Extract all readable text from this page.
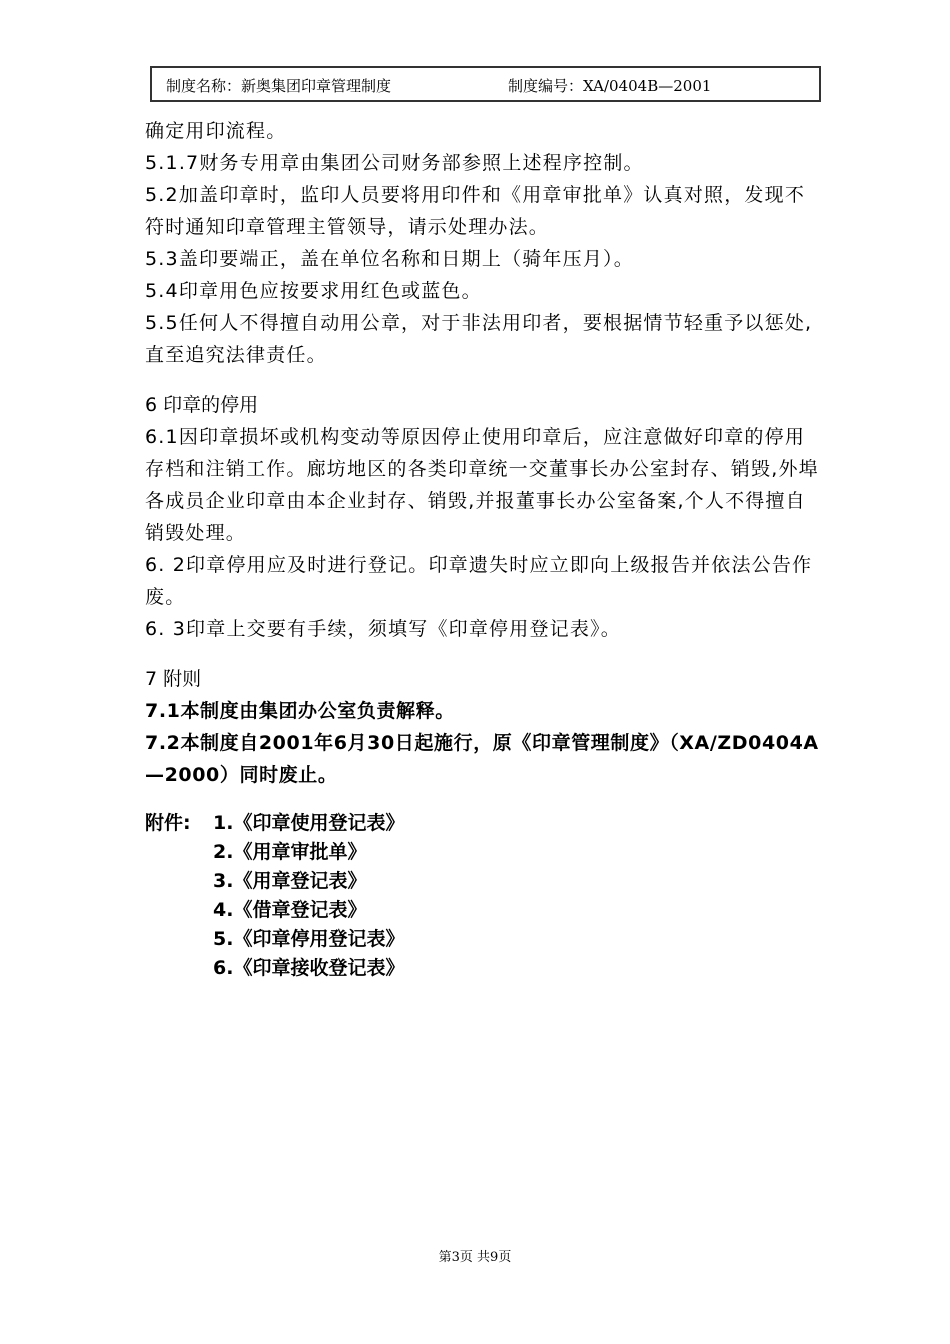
制度名称：新奥集团印章管理制度	制度编号：XA/0404B—2001

确定用印流程。

5.1.7财务专用章由集团公司财务部参照上述程序控制。

5.2加盖印章时，监印人员要将用印件和《用章审批单》认真对照，发现不符时通知印章管理主管领导，请示处理办法。

5.3盖印要端正，盖在单位名称和日期上（骑年压月）。

5.4印章用色应按要求用红色或蓝色。

5.5任何人不得擅自动用公章，对于非法用印者，要根据情节轻重予以惩处,直至追究法律责任。

6 印章的停用

6.1因印章损坏或机构变动等原因停止使用印章后，应注意做好印章的停用存档和注销工作。廊坊地区的各类印章统一交董事长办公室封存、销毁,外埠各成员企业印章由本企业封存、销毁,并报董事长办公室备案,个人不得擅自销毁处理。

6. 2印章停用应及时进行登记。印章遗失时应立即向上级报告并依法公告作废。

6. 3印章上交要有手续，须填写《印章停用登记表》。

7 附则

7.1本制度由集团办公室负责解释。

7.2本制度自2001年6月30日起施行，原《印章管理制度》（XA/ZD0404A—2000）同时废止。

附件:	1.《印章使用登记表》
2.《用章审批单》
3.《用章登记表》
4.《借章登记表》
5.《印章停用登记表》
6.《印章接收登记表》
第3页 共9页
